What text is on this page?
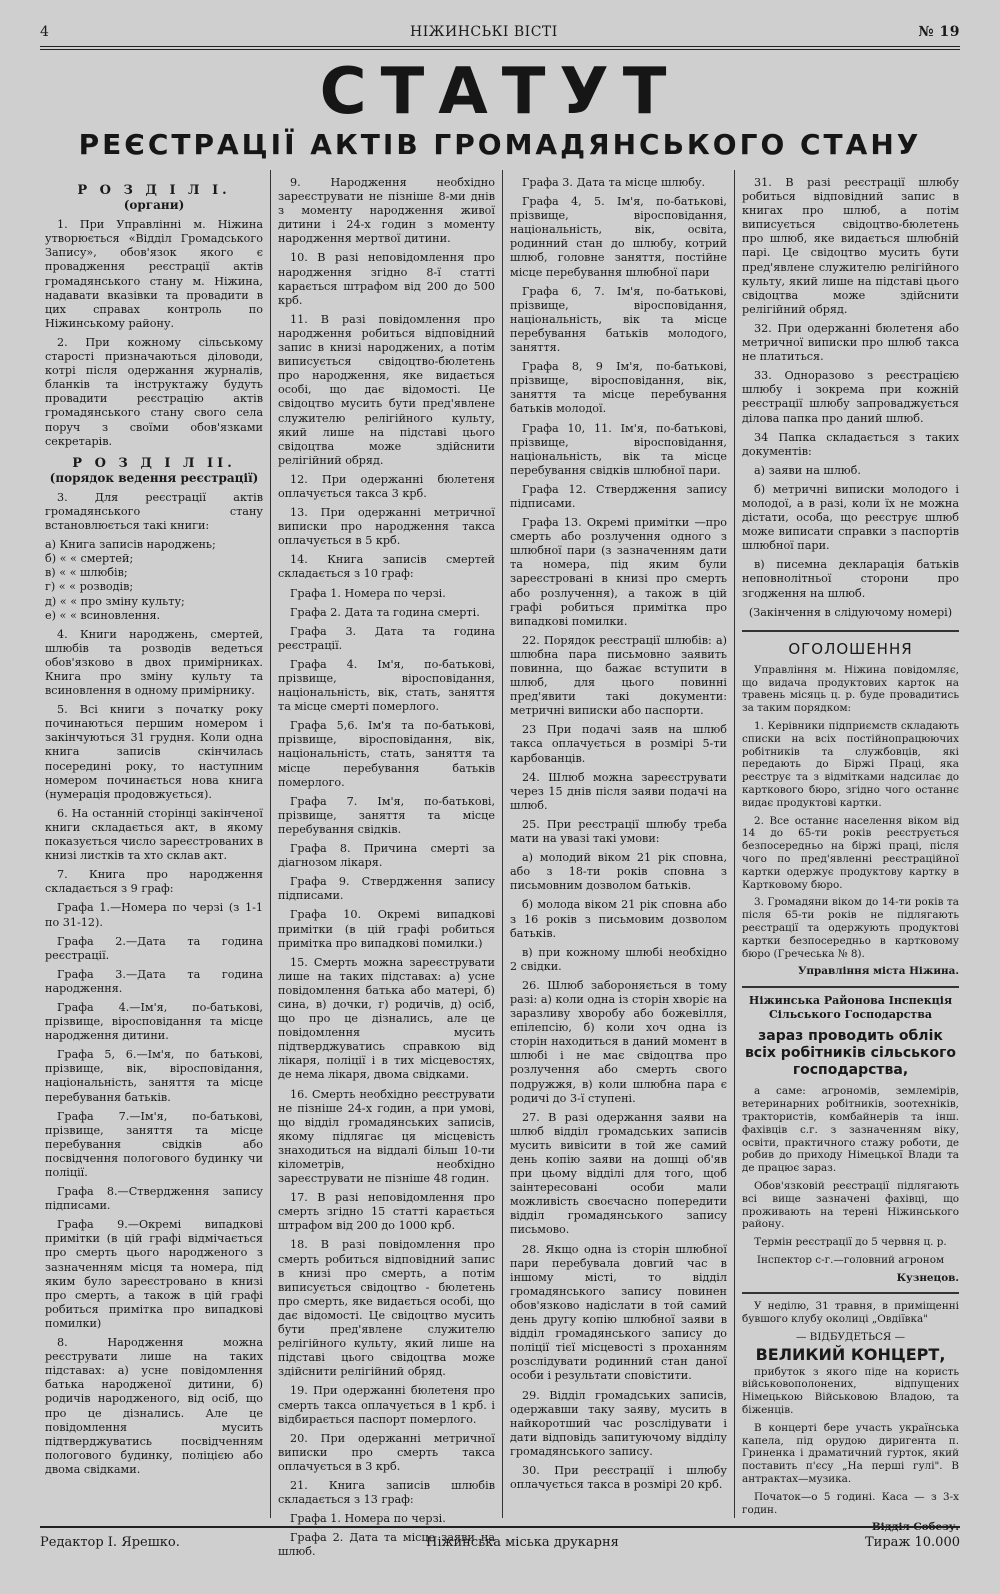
4	НІЖИНСЬКІ ВІСТІ	№ 19
СТАТУТ
РЕЄСТРАЦІЇ АКТІВ ГРОМАДЯНСЬКОГО СТАНУ
Р О З Д І Л І.
(органи)

1. При Управлінні м. Ніжина утворюється «Відділ Громадського Запису», обов'язок якого є провадження реєстрації актів громадянського стану м. Ніжина, надавати вказівки та провадити в цих справах контроль по Ніжинському району.

2. При кожному сільському старості призначаються діловоди, котрі після одержання журналів, бланків та інструктажу будуть провадити реєстрацію актів громадянського стану свого села поруч з своїми обов'язками секретарів.

Р О З Д І Л ІІ.
(порядок ведення реєстрації)

3. Для реєстрації актів громадянського стану встановлюється такі книги:

а) Книга записів народжень;
б) « « смертей;
в) « « шлюбів;
г) « « розводів;
д) « « про зміну культу;
е) « « всиновлення.

4. Книги народжень, смертей, шлюбів та розводів ведеться обов'язково в двох примірниках. Книга про зміну культу та всиновлення в одному примірнику.

5. Всі книги з початку року починаються першим номером і закінчуються 31 грудня. Коли одна книга записів скінчилась посередині року, то наступним номером починається нова книга (нумерація продовжується).

6. На останній сторінці закінченої книги складається акт, в якому показується число зареєстрованих в книзі листків та хто склав акт.

7. Книга про народження складається з 9 граф:

Графа 1.—Номера по черзі (з 1-1 по 31-12).

Графа 2.—Дата та година реєстрації.

Графа 3.—Дата та година народження.

Графа 4.—Ім'я, по-батькові, прізвище, віросповідання та місце народження дитини.

Графа 5, 6.—Ім'я, по батькові, прізвище, вік, віросповідання, національність, заняття та місце перебування батьків.

Графа 7.—Ім'я, по-батькові, прізвище, заняття та місце перебування свідків або посвідчення пологового будинку чи поліції.

Графа 8.—Ствердження запису підписами.

Графа 9.—Окремі випадкові примітки (в цій графі відмічається про смерть цього народженого з зазначенням місця та номера, під яким було зареєстровано в книзі про смерть, а також в цій графі робиться примітка про випадкові помилки)

8. Народження можна реєструвати лише на таких підставах: а) усне повідомлення батька народженої дитини, б) родичів народженого, від осіб, що про це дізнались. Але це повідомлення мусить підтверджуватись посвідченням пологового будинку, поліцією або двома свідками.

9. Народження необхідно зареєструвати не пізніше 8-ми днів з моменту народження живої дитини і 24-х годин з моменту народження мертвої дитини.

10. В разі неповідомлення про народження згідно 8-ї статті карається штрафом від 200 до 500 крб.

11. В разі повідомлення про народження робиться відповідний запис в книзі народжених, а потім виписується свідоцтво-бюлетень про народження, яке видається особі, що дає відомості. Це свідоцтво мусить бути пред'явлене служителю релігійного культу, який лише на підставі цього свідоцтва може здійснити релігійний обряд.

12. При одержанні бюлетеня оплачується такса 3 крб.

13. При одержанні метричної виписки про народження такса оплачується в 5 крб.

14. Книга записів смертей складається з 10 граф:

Графа 1. Номера по черзі.

Графа 2. Дата та година смерті.

Графа 3. Дата та година реєстрації.

Графа 4. Ім'я, по-батькові, прізвище, віросповідання, національність, вік, стать, заняття та місце смерті померлого.

Графа 5,6. Ім'я та по-батькові, прізвище, віросповідання, вік, національність, стать, заняття та місце перебування батьків померлого.

Графа 7. Ім'я, по-батькові, прізвище, заняття та місце перебування свідків.

Графа 8. Причина смерті за діагнозом лікаря.

Графа 9. Ствердження запису підписами.

Графа 10. Окремі випадкові примітки (в цій графі робиться примітка про випадкові помилки.)

15. Смерть можна зареєструвати лише на таких підставах: а) усне повідомлення батька або матері, б) сина, в) дочки, г) родичів, д) осіб, що про це дізнались, але це повідомлення мусить підтверджуватись справкою від лікаря, поліції і в тих місцевостях, де нема лікаря, двома свідками.

16. Смерть необхідно реєструвати не пізніше 24-х годин, а при умові, що відділ громадянських записів, якому підлягає ця місцевість знаходиться на віддалі більш 10-ти кілометрів, необхідно зареєструвати не пізніше 48 годин.

17. В разі неповідомлення про смерть згідно 15 статті карається штрафом від 200 до 1000 крб.

18. В разі повідомлення про смерть робиться відповідний запис в книзі про смерть, а потім виписується свідоцтво - бюлетень про смерть, яке видається особі, що дає відомості. Це свідоцтво мусить бути пред'явлене служителю релігійного культу, який лише на підставі цього свідоцтва може здійснити релігійний обряд.

19. При одержанні бюлетеня про смерть такса оплачується в 1 крб. і відбирається паспорт померлого.

20. При одержанні метричної виписки про смерть такса оплачується в 3 крб.

21. Книга записів шлюбів складається з 13 граф:

Графа 1. Номера по черзі.

Графа 2. Дата та місце заяви на шлюб.

Графа 3. Дата та місце шлюбу.

Графа 4, 5. Ім'я, по-батькові, прізвище, віросповідання, національність, вік, освіта, родинний стан до шлюбу, котрий шлюб, головне заняття, постійне місце перебування шлюбної пари

Графа 6, 7. Ім'я, по-батькові, прізвище, віросповідання, національність, вік та місце перебування батьків молодого, заняття.

Графа 8, 9 Ім'я, по-батькові, прізвище, віросповідання, вік, заняття та місце перебування батьків молодої.

Графа 10, 11. Ім'я, по-батькові, прізвище, віросповідання, національність, вік та місце перебування свідків шлюбної пари.

Графа 12. Ствердження запису підписами.

Графа 13. Окремі примітки —про смерть або розлучення одного з шлюбної пари (з зазначенням дати та номера, під яким були зареєстровані в книзі про смерть або розлучення), а також в цій графі робиться примітка про випадкові помилки.

22. Порядок реєстрації шлюбів: а) шлюбна пара письмовно заявить повинна, що бажає вступити в шлюб, для цього повинні пред'явити такі документи: метричні виписки або паспорти.

23 При подачі заяв на шлюб такса оплачується в розмірі 5-ти карбованців.

24. Шлюб можна зареєструвати через 15 днів після заяви подачі на шлюб.

25. При реєстрації шлюбу треба мати на увазі такі умови:

а) молодий віком 21 рік сповна, або з 18-ти років сповна з письмовним дозволом батьків.

б) молода віком 21 рік сповна або з 16 років з письмовим дозволом батьків.

в) при кожному шлюбі необхідно 2 свідки.

26. Шлюб забороняється в тому разі: а) коли одна із сторін хворіє на заразливу хворобу або божевілля, епілепсію, б) коли хоч одна із сторін находиться в даний момент в шлюбі і не має свідоцтва про розлучення або смерть свого подружжя, в) коли шлюбна пара є родичі до 3-ї ступені.

27. В разі одержання заяви на шлюб відділ громадських записів мусить вивісити в той же самий день копію заяви на дошці об'яв при цьому відділі для того, щоб заінтересовані особи мали можливість своєчасно попередити відділ громадянського запису письмово.

28. Якщо одна із сторін шлюбної пари перебувала довгий час в іншому місті, то відділ громадянського запису повинен обов'язково надіслати в той самий день другу копію шлюбної заяви в відділ громадянського запису до поліції тієї місцевості з проханням розслідувати родинний стан даної особи і результати сповістити.

29. Відділ громадських записів, одержавши таку заяву, мусить в найкоротший час розслідувати і дати відповідь запитуючому відділу громадянського запису.

30. При реєстрації і шлюбу оплачується такса в розмірі 20 крб.

31. В разі реєстрації шлюбу робиться відповідний запис в книгах про шлюб, а потім виписується свідоцтво-бюлетень про шлюб, яке видається шлюбній парі. Це свідоцтво мусить бути пред'явлене служителю релігійного культу, який лише на підставі цього свідоцтва може здійснити релігійний обряд.

32. При одержанні бюлетеня або метричної виписки про шлюб такса не платиться.

33. Одноразово з реєстрацією шлюбу і зокрема при кожній реєстрації шлюбу запроваджується ділова папка про даний шлюб.

34 Папка складається з таких документів:

а) заяви на шлюб.

б) метричні виписки молодого і молодої, а в разі, коли їх не можна дістати, особа, що реєструє шлюб може виписати справки з паспортів шлюбної пари.

в) писемна декларація батьків неповнолітньої сторони про згодження на шлюб.

(Закінчення в слідуючому номері)

ОГОЛОШЕННЯ

Управління м. Ніжина повідомляє, що видача продуктових карток на травень місяць ц. р. буде провадитись за таким порядком:

1. Керівники підприємств складають списки на всіх постійнопрацюючих робітників та службовців, які передають до Біржі Праці, яка реєструє та з відмітками надсилає до карткового бюро, згідно чого останнє видає продуктові картки.

2. Все останнє населення віком від 14 до 65-ти років реєструється безпосередньо на біржі праці, після чого по пред'явленні реєстраційної картки одержує продуктову картку в Картковому бюро.

3. Громадяни віком до 14-ти років та після 65-ти років не підлягають реєстрації та одержують продуктові картки безпосередньо в картковому бюро (Гречеська № 8).

Управління міста Ніжина.
Ніжинська Районова Інспекція Сільського Господарства
зараз проводить облік всіх робітників сільського господарства,

а саме: агрономів, землемірів, ветеринарних робітників, зоотехніків, трактористів, комбайнерів та інш. фахівців с.г. з зазначенням віку, освіти, практичного стажу роботи, де робив до приходу Німецької Влади та де працює зараз.

Обов'язковій реєстрації підлягають всі вище зазначені фахівці, що проживають на терені Ніжинського району.

Термін реєстрації до 5 червня ц. р.

Інспектор с-г.—головний агроном

Кузнецов.

У неділю, 31 травня, в приміщенні бувшого клубу околиці „Овдіївка"

— ВІДБУДЕТЬСЯ —

ВЕЛИКИЙ КОНЦЕРТ,

прибуток з якого піде на користь військовополонених, відпущених Німецькою Військовою Владою, та біженців.

В концерті бере участь українська капела, під орудою диригента п. Гриненка і драматичний гурток, який поставить п'єсу „На перші гулі". В антрактах—музика.

Початок—о 5 годині. Каса — з 3-х годин.

Відділ Собезу.
Редактор І. Ярешко.	Ніжинська міська друкарня	Тираж 10.000
